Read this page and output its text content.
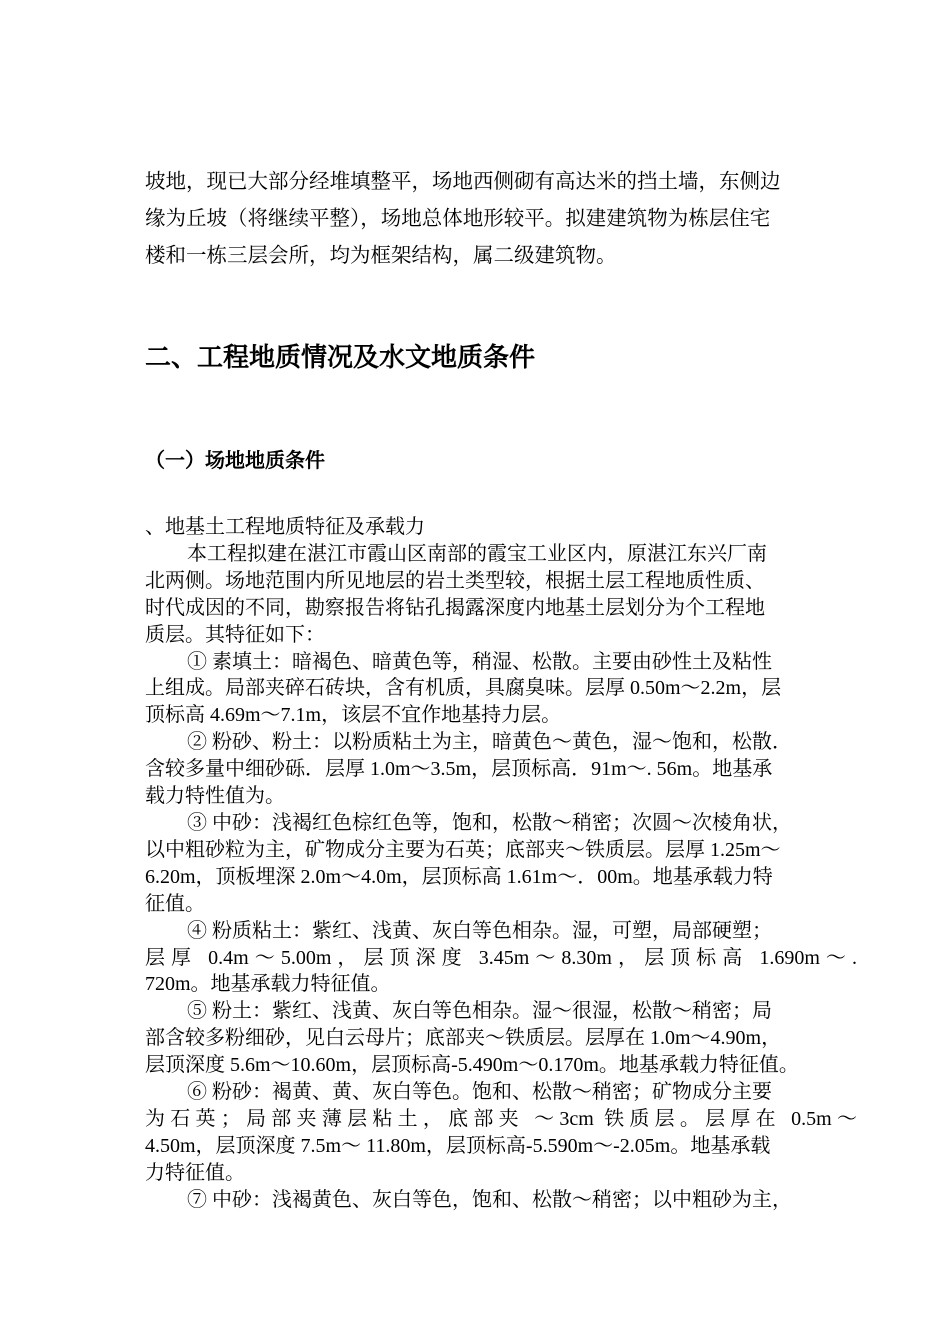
坡地，现已大部分经堆填整平，场地西侧砌有高达米的挡土墙，东侧边
缘为丘坡（将继续平整），场地总体地形较平。拟建建筑物为栋层住宅
楼和一栋三层会所，均为框架结构，属二级建筑物。
二、工程地质情况及水文地质条件
（一）场地地质条件
、地基土工程地质特征及承载力
本工程拟建在湛江市霞山区南部的霞宝工业区内，原湛江东兴厂南
北两侧。场地范围内所见地层的岩土类型较，根据土层工程地质性质、
时代成因的不同，勘察报告将钻孔揭露深度内地基土层划分为个工程地
质层。其特征如下：
① 素填土：暗褐色、暗黄色等，稍湿、松散。主要由砂性土及粘性
上组成。局部夹碎石砖块，含有机质，具腐臭味。层厚 0.50m～2.2m，层
顶标高 4.69m～7.1m，该层不宜作地基持力层。
② 粉砂、粉土：以粉质粘土为主，暗黄色～黄色，湿～饱和，松散．
含较多量中细砂砾．层厚 1.0m～3.5m，层顶标高．91m～. 56m。地基承
载力特性值为。
③ 中砂：浅褐红色棕红色等，饱和，松散～稍密；次圆～次棱角状，
以中粗砂粒为主，矿物成分主要为石英；底部夹～铁质层。层厚 1.25m～
6.20m，顶板埋深 2.0m～4.0m，层顶标高 1.61m～．00m。地基承载力特
征值。
④ 粉质粘土：紫红、浅黄、灰白等色相杂。湿，可塑，局部硬塑；
层厚 0.4m～5.00m，层顶深度 3.45m～8.30m，层顶标高 1.690m～.
720m。地基承载力特征值。
⑤ 粉土：紫红、浅黄、灰白等色相杂。湿～很湿，松散～稍密；局
部含较多粉细砂，见白云母片；底部夹～铁质层。层厚在 1.0m～4.90m，
层顶深度 5.6m～10.60m，层顶标高-5.490m～0.170m。地基承载力特征值。
⑥ 粉砂：褐黄、黄、灰白等色。饱和、松散～稍密；矿物成分主要
为石英；局部夹薄层粘土，底部夹 ～3cm 铁质层。层厚在 0.5m～
4.50m，层顶深度 7.5m～ 11.80m，层顶标高-5.590m～-2.05m。地基承载
力特征值。
⑦ 中砂：浅褐黄色、灰白等色，饱和、松散～稍密；以中粗砂为主，
